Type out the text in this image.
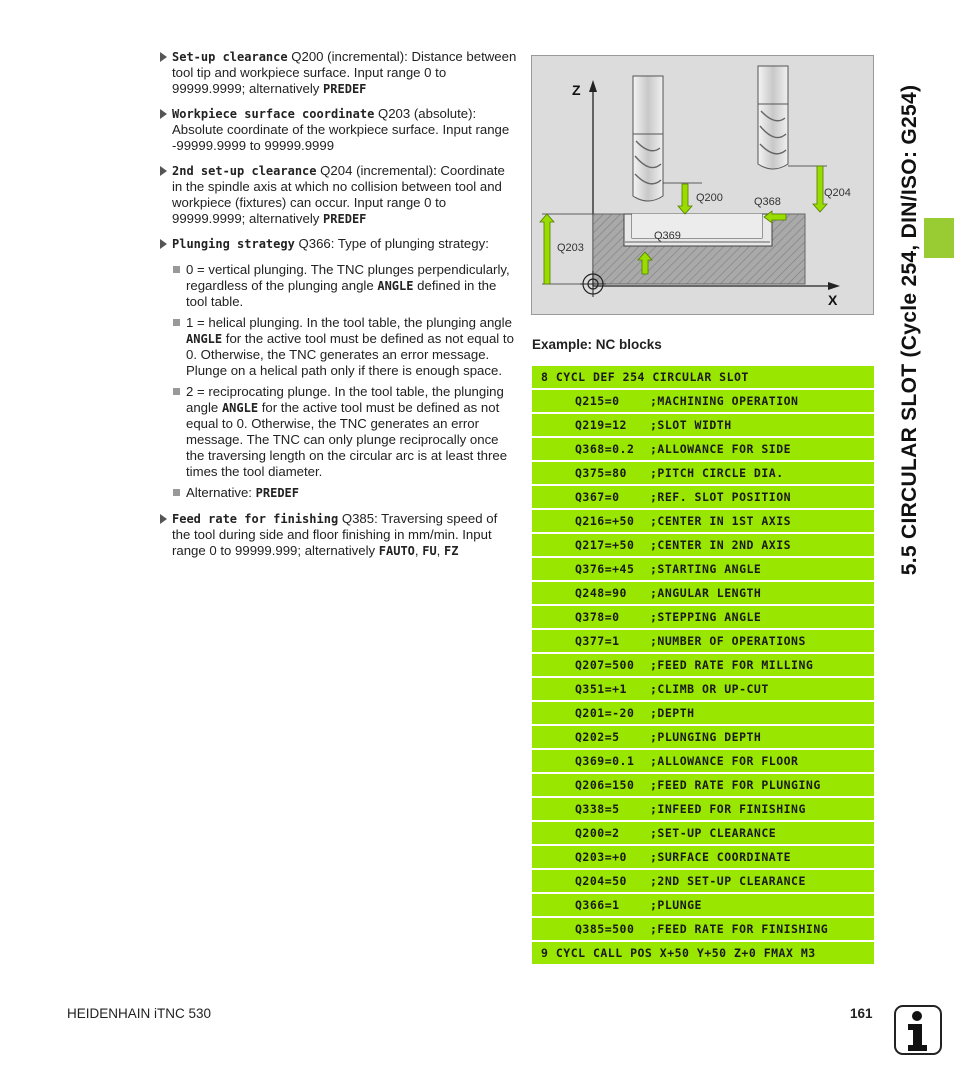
5.5 CIRCULAR SLOT (Cycle 254, DIN/ISO: G254)
Set-up clearance Q200 (incremental): Distance between tool tip and workpiece surface. Input range 0 to 99999.9999; alternatively PREDEF
Workpiece surface coordinate Q203 (absolute): Absolute coordinate of the workpiece surface. Input range -99999.9999 to 99999.9999
2nd set-up clearance Q204 (incremental): Coordinate in the spindle axis at which no collision between tool and workpiece (fixtures) can occur. Input range 0 to 99999.9999; alternatively PREDEF
Plunging strategy Q366: Type of plunging strategy:
0 = vertical plunging. The TNC plunges perpendicularly, regardless of the plunging angle ANGLE defined in the tool table.
1 = helical plunging. In the tool table, the plunging angle ANGLE for the active tool must be defined as not equal to 0. Otherwise, the TNC generates an error message. Plunge on a helical path only if there is enough space.
2 = reciprocating plunge. In the tool table, the plunging angle ANGLE for the active tool must be defined as not equal to 0. Otherwise, the TNC generates an error message. The TNC can only plunge reciprocally once the traversing length on the circular arc is at least three times the tool diameter.
Alternative: PREDEF
Feed rate for finishing Q385: Traversing speed of the tool during side and floor finishing in mm/min. Input range 0 to 99999.999; alternatively FAUTO, FU, FZ
Z
X
Q200	Q368
Q204
Q369
Q203
Example: NC blocks
8 CYCL DEF 254 CIRCULAR SLOT
Q215=0	;MACHINING OPERATION
Q219=12	;SLOT WIDTH
Q368=0.2	;ALLOWANCE FOR SIDE
Q375=80	;PITCH CIRCLE DIA.
Q367=0	;REF. SLOT POSITION
Q216=+50	;CENTER IN 1ST AXIS
Q217=+50	;CENTER IN 2ND AXIS
Q376=+45	;STARTING ANGLE
Q248=90	;ANGULAR LENGTH
Q378=0	;STEPPING ANGLE
Q377=1	;NUMBER OF OPERATIONS
Q207=500	;FEED RATE FOR MILLING
Q351=+1	;CLIMB OR UP-CUT
Q201=-20	;DEPTH
Q202=5	;PLUNGING DEPTH
Q369=0.1	;ALLOWANCE FOR FLOOR
Q206=150	;FEED RATE FOR PLUNGING
Q338=5	;INFEED FOR FINISHING
Q200=2	;SET-UP CLEARANCE
Q203=+0	;SURFACE COORDINATE
Q204=50	;2ND SET-UP CLEARANCE
Q366=1	;PLUNGE
Q385=500	;FEED RATE FOR FINISHING
9 CYCL CALL POS X+50 Y+50 Z+0 FMAX M3
HEIDENHAIN iTNC 530	161
